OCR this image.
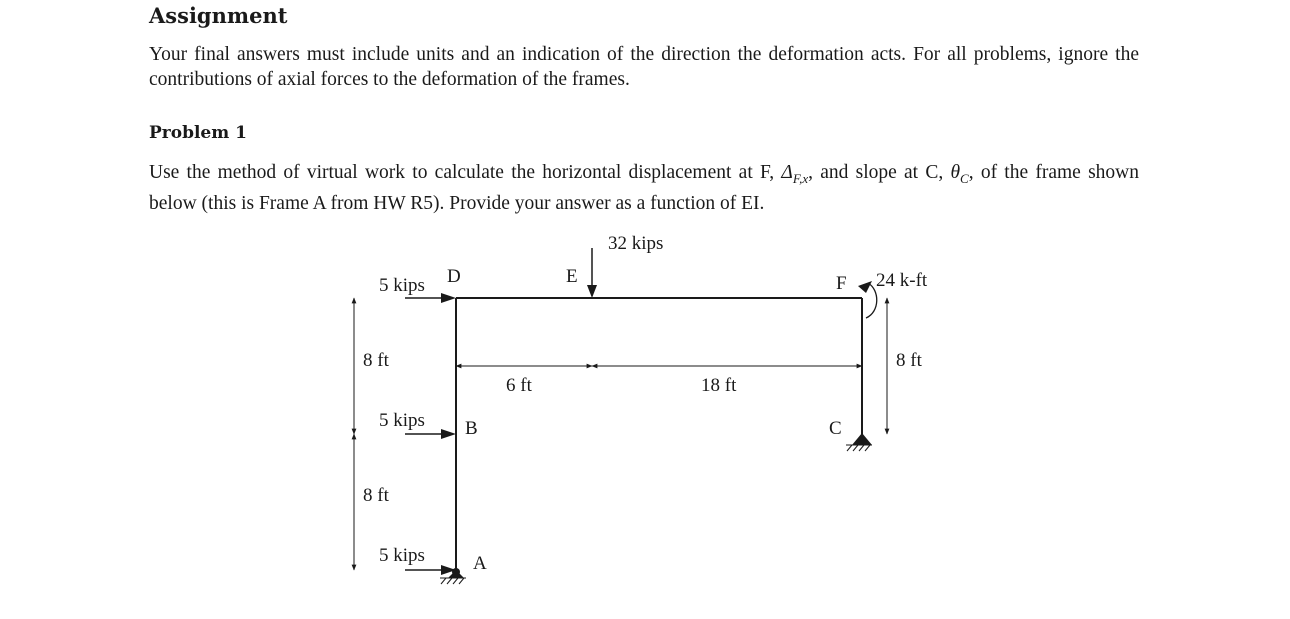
Assignment

Your final answers must include units and an indication of the direction the deformation acts. For all problems, ignore the contributions of axial forces to the deformation of the frames.

Problem 1

Use the method of virtual work to calculate the horizontal displacement at F, $\Delta_{F,x}$, and slope at C, $\theta_C$, of the frame shown below (this is Frame A from HW R5). Provide your answer as a function of EI.

D	E	F
B	C
A
32 kips
5 kips
5 kips
5 kips
24 k-ft
8 ft
8 ft
8 ft
6 ft	18 ft
